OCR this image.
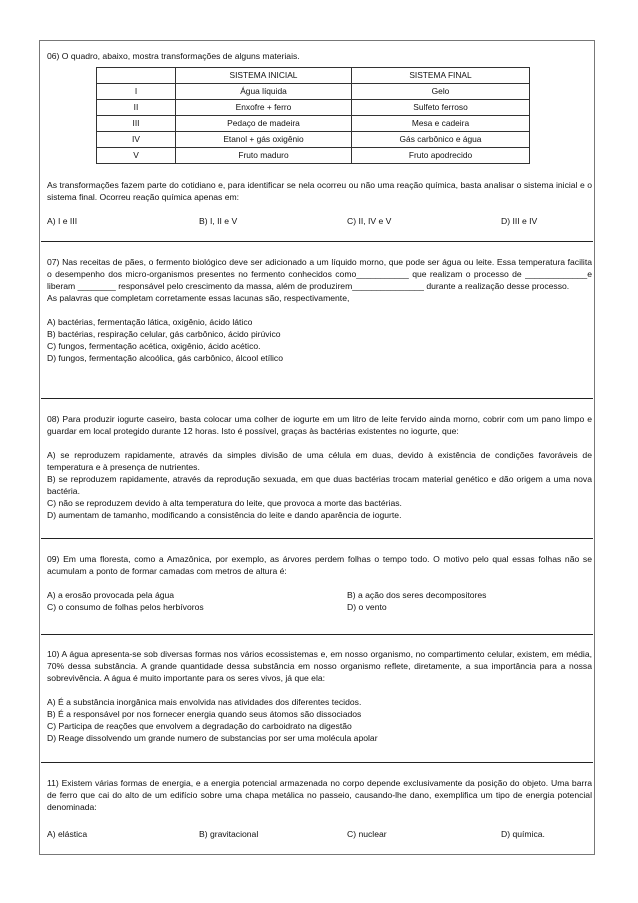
06) O quadro, abaixo, mostra transformações de alguns materiais.

	SISTEMA INICIAL	SISTEMA FINAL
I	Água líquida	Gelo
II	Enxofre + ferro	Sulfeto ferroso
III	Pedaço de madeira	Mesa e cadeira
IV	Etanol + gás oxigênio	Gás carbônico e água
V	Fruto maduro	Fruto apodrecido

As transformações fazem parte do cotidiano e, para identificar se nela ocorreu ou não uma reação química, basta analisar o sistema inicial e o sistema final. Ocorreu reação química apenas em:

A) I e III	B) I, II e V	C) II, IV e V	D) III e IV

07) Nas receitas de pães, o fermento biológico deve ser adicionado a um líquido morno, que pode ser água ou leite. Essa temperatura facilita o desempenho dos micro-organismos presentes no fermento conhecidos como___________ que realizam o processo de _____________e liberam ________ responsável pelo crescimento da massa, além de produzirem_______________ durante a realização desse processo.

As palavras que completam corretamente essas lacunas são, respectivamente,

A) bactérias, fermentação lática, oxigênio, ácido lático

B) bactérias, respiração celular, gás carbônico, ácido pirúvico

C) fungos, fermentação acética, oxigênio, ácido acético.

D) fungos, fermentação alcoólica, gás carbônico, álcool etílico

08) Para produzir iogurte caseiro, basta colocar uma colher de iogurte em um litro de leite fervido ainda morno, cobrir com um pano limpo e guardar em local protegido durante 12 horas. Isto é possível, graças às bactérias existentes no iogurte, que:

A) se reproduzem rapidamente, através da simples divisão de uma célula em duas, devido à existência de condições favoráveis de temperatura e à presença de nutrientes.

B) se reproduzem rapidamente, através da reprodução sexuada, em que duas bactérias trocam material genético e dão origem a uma nova bactéria.

C) não se reproduzem devido à alta temperatura do leite, que provoca a morte das bactérias.

D) aumentam de tamanho, modificando a consistência do leite e dando aparência de iogurte.

09) Em uma floresta, como a Amazônica, por exemplo, as árvores perdem folhas o tempo todo. O motivo pelo qual essas folhas não se acumulam a ponto de formar camadas com metros de altura é:

A) a erosão provocada pela água	B) a ação dos seres decompositores
C) o consumo de folhas pelos herbívoros	D) o vento

10) A água apresenta-se sob diversas formas nos vários ecossistemas e, em nosso organismo, no compartimento celular, existem, em média, 70% dessa substância. A grande quantidade dessa substância em nosso organismo reflete, diretamente, a sua importância para a nossa sobrevivência. A água é muito importante para os seres vivos, já que ela:

A) É a substância inorgânica mais envolvida nas atividades dos diferentes tecidos.

B) É a responsável por nos fornecer energia quando seus átomos são dissociados

C) Participa de reações que envolvem a degradação do carboidrato na digestão

D) Reage dissolvendo um grande numero de substancias por ser uma molécula apolar

11) Existem várias formas de energia, e a energia potencial armazenada no corpo depende exclusivamente da posição do objeto. Uma barra de ferro que cai do alto de um edifício sobre uma chapa metálica no passeio, causando-lhe dano, exemplifica um tipo de energia potencial denominada:

A) elástica	B) gravitacional	C) nuclear	D) química.
